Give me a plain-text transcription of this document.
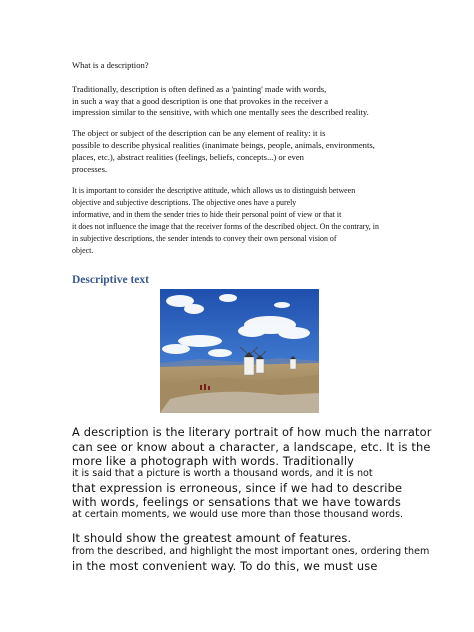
What is a description?
Traditionally, description is often defined as a 'painting' made with words,
in such a way that a good description is one that provokes in the receiver a
impression similar to the sensitive, with which one mentally sees the described reality.
The object or subject of the description can be any element of reality: it is
possible to describe physical realities (inanimate beings, people, animals, environments,
places, etc.), abstract realities (feelings, beliefs, concepts...) or even
processes.
It is important to consider the descriptive attitude, which allows us to distinguish between
objective and subjective descriptions. The objective ones have a purely
informative, and in them the sender tries to hide their personal point of view or that it
it does not influence the image that the receiver forms of the described object. On the contrary, in
in subjective descriptions, the sender intends to convey their own personal vision of
object.
Descriptive text
A description is the literary portrait of how much the narrator
can see or know about a character, a landscape, etc. It is the
more like a photograph with words. Traditionally
it is said that a picture is worth a thousand words, and it is not
that expression is erroneous, since if we had to describe
with words, feelings or sensations that we have towards
at certain moments, we would use more than those thousand words.
It should show the greatest amount of features.
from the described, and highlight the most important ones, ordering them
in the most convenient way. To do this, we must use
